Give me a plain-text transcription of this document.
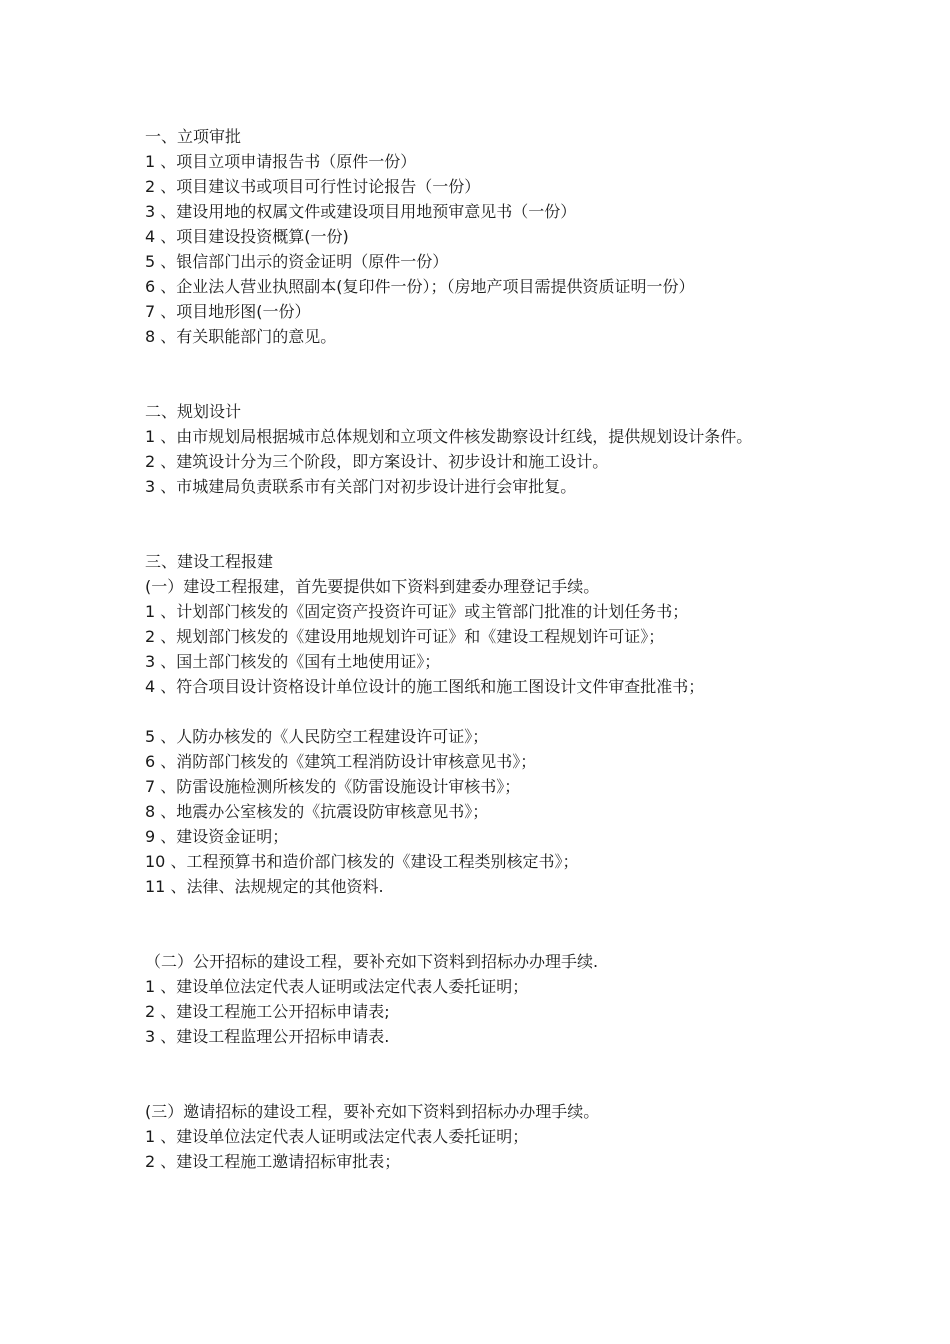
一、立项审批

1 、项目立项申请报告书（原件一份）

2 、项目建议书或项目可行性讨论报告（一份）

3 、建设用地的权属文件或建设项目用地预审意见书（一份）

4 、项目建设投资概算(一份)

5 、银信部门出示的资金证明（原件一份）

6 、企业法人营业执照副本(复印件一份）；（房地产项目需提供资质证明一份）

7 、项目地形图(一份）

8 、有关职能部门的意见。

二、规划设计

1 、由市规划局根据城市总体规划和立项文件核发勘察设计红线，提供规划设计条件。

2 、建筑设计分为三个阶段，即方案设计、初步设计和施工设计。

3 、市城建局负责联系市有关部门对初步设计进行会审批复。

三、建设工程报建

(一）建设工程报建，首先要提供如下资料到建委办理登记手续。

1 、计划部门核发的《固定资产投资许可证》或主管部门批准的计划任务书；

2 、规划部门核发的《建设用地规划许可证》和《建设工程规划许可证》；

3 、国土部门核发的《国有土地使用证》；

4 、符合项目设计资格设计单位设计的施工图纸和施工图设计文件审查批准书；

5 、人防办核发的《人民防空工程建设许可证》；

6 、消防部门核发的《建筑工程消防设计审核意见书》；

7 、防雷设施检测所核发的《防雷设施设计审核书》；

8 、地震办公室核发的《抗震设防审核意见书》；

9 、建设资金证明；

10 、工程预算书和造价部门核发的《建设工程类别核定书》；

11 、法律、法规规定的其他资料.

（二）公开招标的建设工程，要补充如下资料到招标办办理手续.

1 、建设单位法定代表人证明或法定代表人委托证明；

2 、建设工程施工公开招标申请表;

3 、建设工程监理公开招标申请表.

(三）邀请招标的建设工程，要补充如下资料到招标办办理手续。

1 、建设单位法定代表人证明或法定代表人委托证明；

2 、建设工程施工邀请招标审批表；
